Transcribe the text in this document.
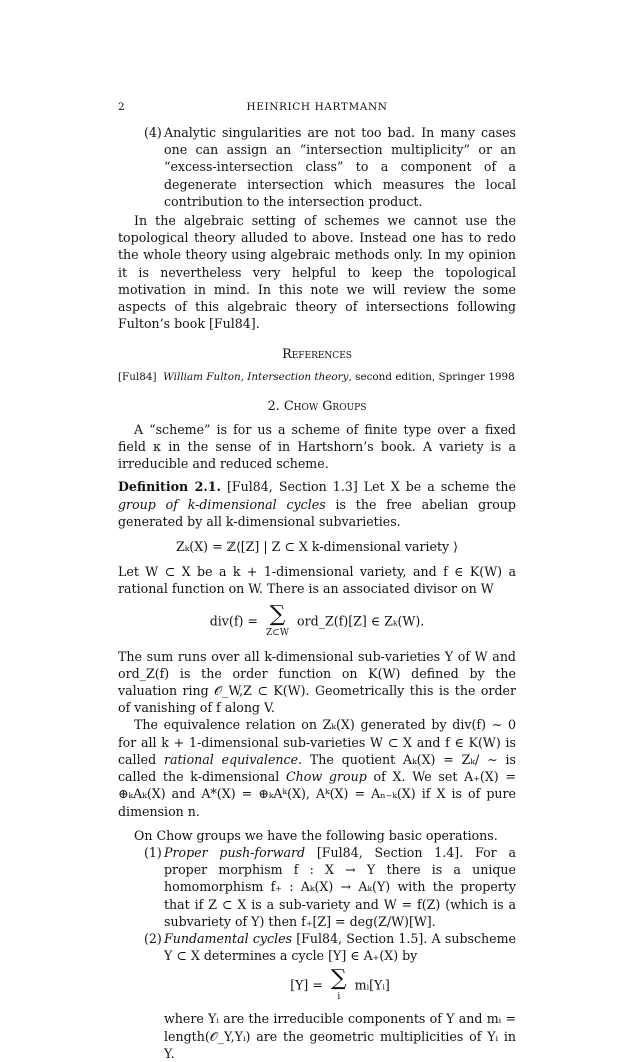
2	HEINRICH HARTMANN
(4) Analytic singularities are not too bad. In many cases one can assign an “intersection multiplicity” or an “excess-intersection class” to a component of a degenerate intersection which measures the local contribution to the intersection product.

In the algebraic setting of schemes we cannot use the topological theory alluded to above. Instead one has to redo the whole theory using algebraic methods only. In my opinion it is nevertheless very helpful to keep the topological motivation in mind. In this note we will review the some aspects of this algebraic theory of intersections following Fulton’s book [Ful84].

References

[Ful84] William Fulton, Intersection theory, second edition, Springer 1998

2. Chow Groups

A “scheme” is for us a scheme of finite type over a fixed field κ in the sense of in Hartshorn’s book. A variety is a irreducible and reduced scheme.

Definition 2.1. [Ful84, Section 1.3] Let X be a scheme the group of k-dimensional cycles is the free abelian group generated by all k-dimensional subvarieties.

Zₖ(X) = ℤ⟨[Z] | Z ⊂ X k-dimensional variety ⟩

Let W ⊂ X be a k + 1-dimensional variety, and f ∈ K(W) a rational function on W. There is an associated divisor on W

div(f) = ∑
Z⊂W
ord_Z(f)[Z] ∈ Zₖ(W).

The sum runs over all k-dimensional sub-varieties Y of W and ord_Z(f) is the order function on K(W) defined by the valuation ring 𝒪_W,Z ⊂ K(W). Geometrically this is the order of vanishing of f along V.

The equivalence relation on Zₖ(X) generated by div(f) ∼ 0 for all k + 1-dimensional sub-varieties W ⊂ X and f ∈ K(W) is called rational equivalence. The quotient Aₖ(X) = Zₖ/ ∼ is called the k-dimensional Chow group of X. We set A₊(X) = ⊕ₖAₖ(X) and A*(X) = ⊕ₖAᵏ(X), Aᵏ(X) = Aₙ₋ₖ(X) if X is of pure dimension n.

On Chow groups we have the following basic operations.

(1) Proper push-forward [Ful84, Section 1.4]. For a proper morphism f : X → Y there is a unique homomorphism f₊ : Aₖ(X) → Aₖ(Y) with the property that if Z ⊂ X is a sub-variety and W = f(Z) (which is a subvariety of Y) then f₊[Z] = deg(Z/W)[W].
(2) Fundamental cycles [Ful84, Section 1.5]. A subscheme Y ⊂ X determines a cycle [Y] ∈ A₊(X) by
[Y] = ∑
i
mᵢ[Yᵢ]
where Yᵢ are the irreducible components of Y and mᵢ = length(𝒪_Y,Yᵢ) are the geometric multiplicities of Yᵢ in Y.
